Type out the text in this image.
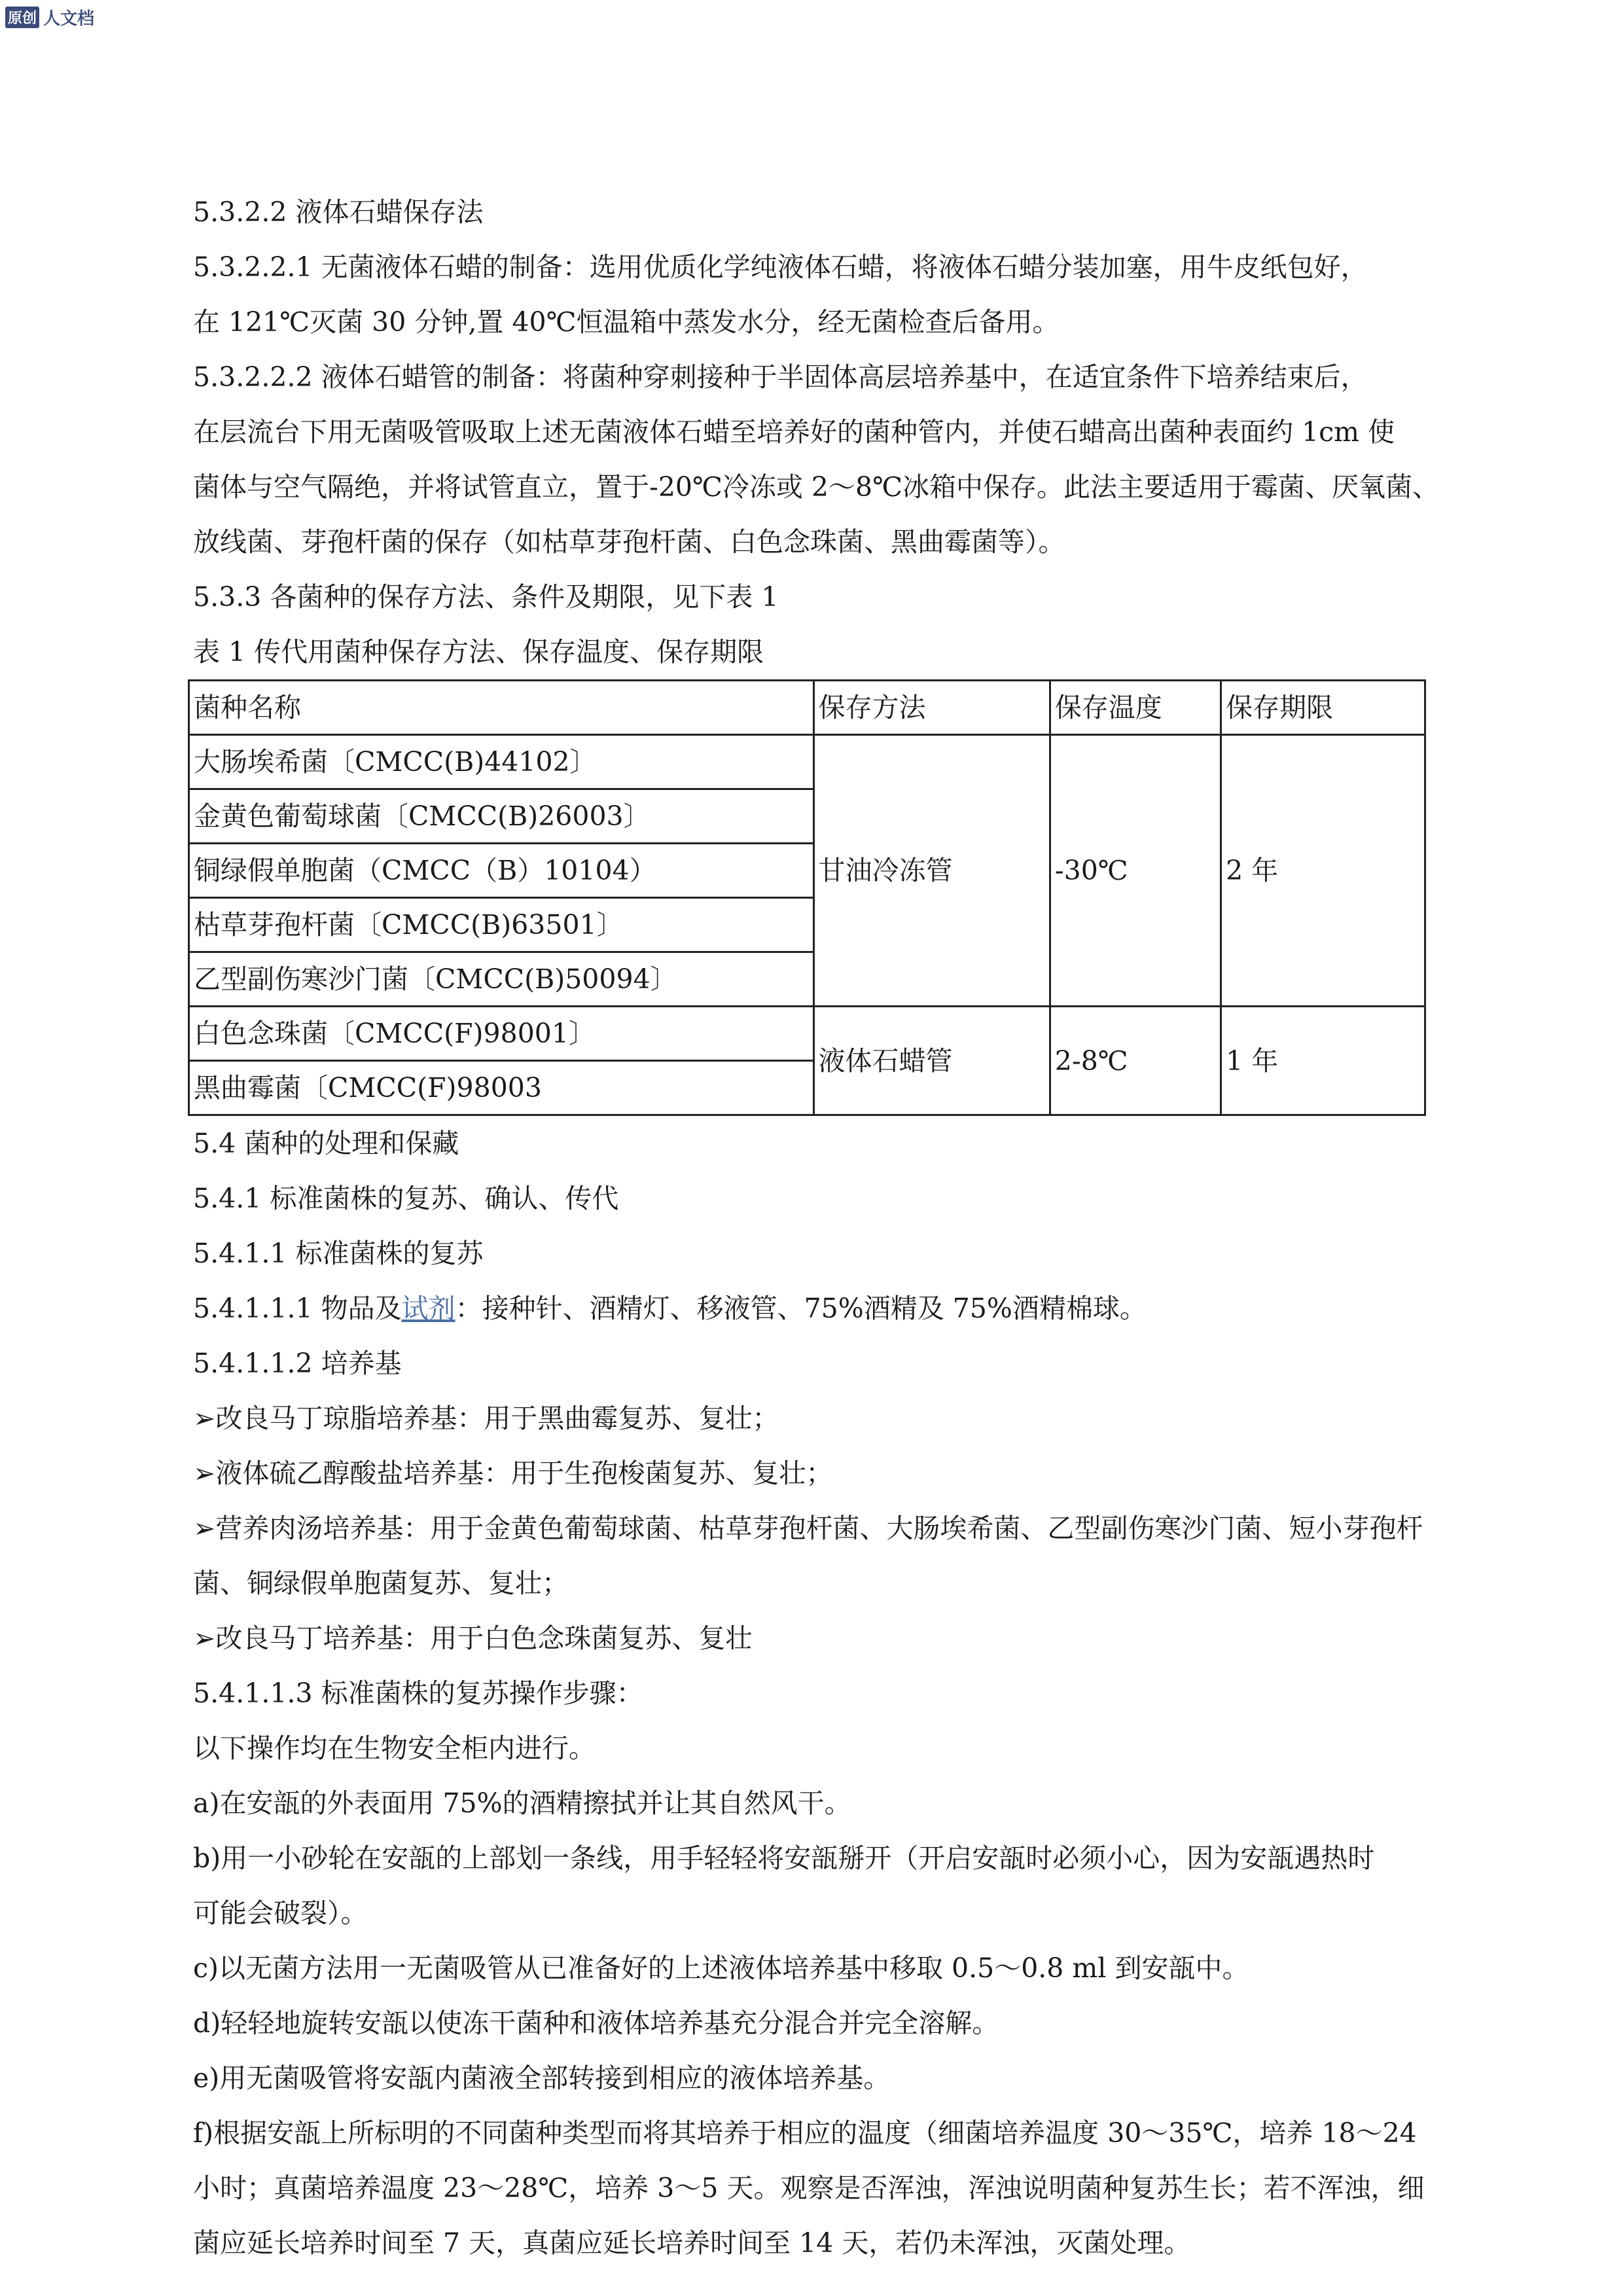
原创 人文档

5.3.2.2 液体石蜡保存法

5.3.2.2.1 无菌液体石蜡的制备：选用优质化学纯液体石蜡，将液体石蜡分装加塞，用牛皮纸包好，

在 121℃灭菌 30 分钟,置 40℃恒温箱中蒸发水分，经无菌检查后备用。

5.3.2.2.2 液体石蜡管的制备：将菌种穿刺接种于半固体高层培养基中，在适宜条件下培养结束后，

在层流台下用无菌吸管吸取上述无菌液体石蜡至培养好的菌种管内，并使石蜡高出菌种表面约 1cm 使

菌体与空气隔绝，并将试管直立，置于-20℃冷冻或 2～8℃冰箱中保存。此法主要适用于霉菌、厌氧菌、

放线菌、芽孢杆菌的保存（如枯草芽孢杆菌、白色念珠菌、黑曲霉菌等）。

5.3.3 各菌种的保存方法、条件及期限，见下表 1

表 1 传代用菌种保存方法、保存温度、保存期限

菌种名称	保存方法	保存温度	保存期限
大肠埃希菌〔CMCC(B)44102〕	甘油冷冻管	-30℃	2 年
金黄色葡萄球菌〔CMCC(B)26003〕			
铜绿假单胞菌（CMCC（B）10104）			
枯草芽孢杆菌〔CMCC(B)63501〕			
乙型副伤寒沙门菌〔CMCC(B)50094〕			
白色念珠菌〔CMCC(F)98001〕	液体石蜡管	2-8℃	1 年
黑曲霉菌〔CMCC(F)98003			

5.4 菌种的处理和保藏

5.4.1 标准菌株的复苏、确认、传代

5.4.1.1 标准菌株的复苏

5.4.1.1.1 物品及试剂：接种针、酒精灯、移液管、75%酒精及 75%酒精棉球。

5.4.1.1.2 培养基

➢改良马丁琼脂培养基：用于黑曲霉复苏、复壮；

➢液体硫乙醇酸盐培养基：用于生孢梭菌复苏、复壮；

➢营养肉汤培养基：用于金黄色葡萄球菌、枯草芽孢杆菌、大肠埃希菌、乙型副伤寒沙门菌、短小芽孢杆

菌、铜绿假单胞菌复苏、复壮；

➢改良马丁培养基：用于白色念珠菌复苏、复壮

5.4.1.1.3 标准菌株的复苏操作步骤：

以下操作均在生物安全柜内进行。

a)在安瓿的外表面用 75%的酒精擦拭并让其自然风干。

b)用一小砂轮在安瓿的上部划一条线，用手轻轻将安瓿掰开（开启安瓿时必须小心，因为安瓿遇热时

可能会破裂）。

c)以无菌方法用一无菌吸管从已准备好的上述液体培养基中移取 0.5～0.8 ml 到安瓿中。

d)轻轻地旋转安瓿以使冻干菌种和液体培养基充分混合并完全溶解。

e)用无菌吸管将安瓿内菌液全部转接到相应的液体培养基。

f)根据安瓿上所标明的不同菌种类型而将其培养于相应的温度（细菌培养温度 30～35℃，培养 18～24

小时；真菌培养温度 23～28℃，培养 3～5 天。观察是否浑浊，浑浊说明菌种复苏生长；若不浑浊，细

菌应延长培养时间至 7 天，真菌应延长培养时间至 14 天，若仍未浑浊，灭菌处理。
